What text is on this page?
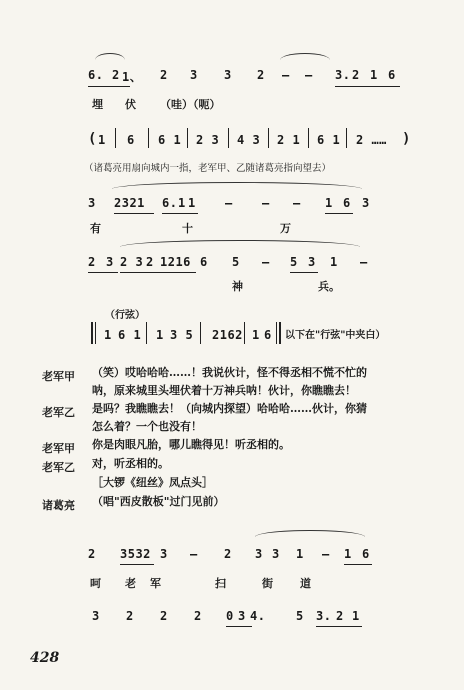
6. 2 1、 2 3 3 2 – – 3. 2 1 6
埋 伏 （哇）（呃）
( 1 6 6 1 2 3 4 3 2 1 6 1 2 …… )
（诸葛亮用扇向城内一指，老军甲、乙随诸葛亮指向望去）
3 2321 6. 1 1 – – – 1 6 3
有	十	万
2 3 2 3 2 1216 6 5 – 5 3 1 –
神	兵。
（行弦）
1 6 1 1 3 5 2162 1 6 以下在"行弦"中夹白）
老军甲 （笑）哎哈哈哈……！我说伙计，怪不得丞相不慌不忙的
呐，原来城里头埋伏着十万神兵呐！伙计，你瞧瞧去！
老军乙 是吗？我瞧瞧去！（向城内探望）哈哈哈……伙计，你猜
怎么着？一个也没有！
老军甲 你是肉眼凡胎，哪儿瞧得见！听丞相的。
老军乙 对，听丞相的。
［大锣《纽丝》凤点头］
诸葛亮 （唱"西皮散板"过门见前）
2 3532 3 – 2 3 3 1 – 1 6
呵 老 军	扫	街 道
3 2 2 2 0 3 4.	5 3. 2 1
428
